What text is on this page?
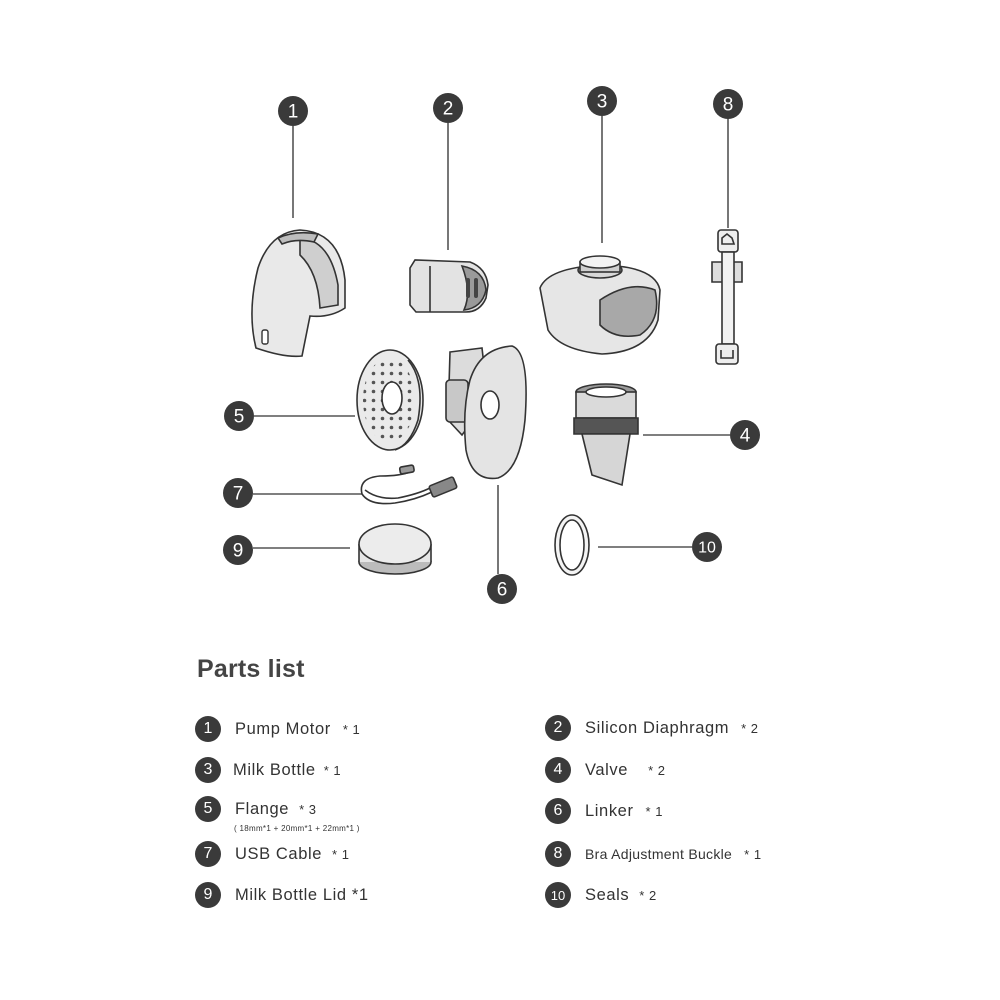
1	2	3
4
5
6
7
8
9	10
Parts list
1	Pump Motor * 1	2	Silicon Diaphragm * 2
3	Milk Bottle * 1	4	Valve * 2
5	Flange * 3
( 18mm*1 + 20mm*1 + 22mm*1 )
6	Linker * 1
7	USB Cable * 1	8	Bra Adjustment Buckle * 1
9	Milk Bottle Lid *1	10	Seals * 2
